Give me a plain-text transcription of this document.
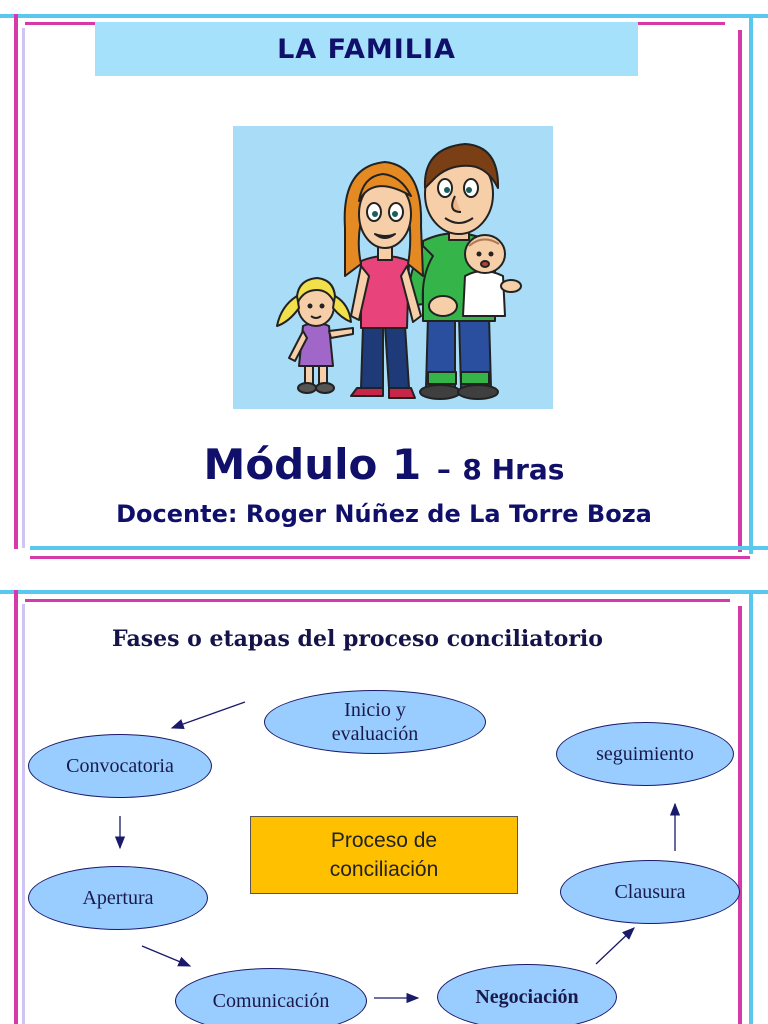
LA FAMILIA
Módulo 1 – 8 Hras
Docente: Roger Núñez de La Torre Boza
Fases o etapas del proceso conciliatorio
Inicio y
evaluación
Convocatoria
seguimiento
Proceso de
conciliación
Apertura	Clausura
Comunicación	Negociación
